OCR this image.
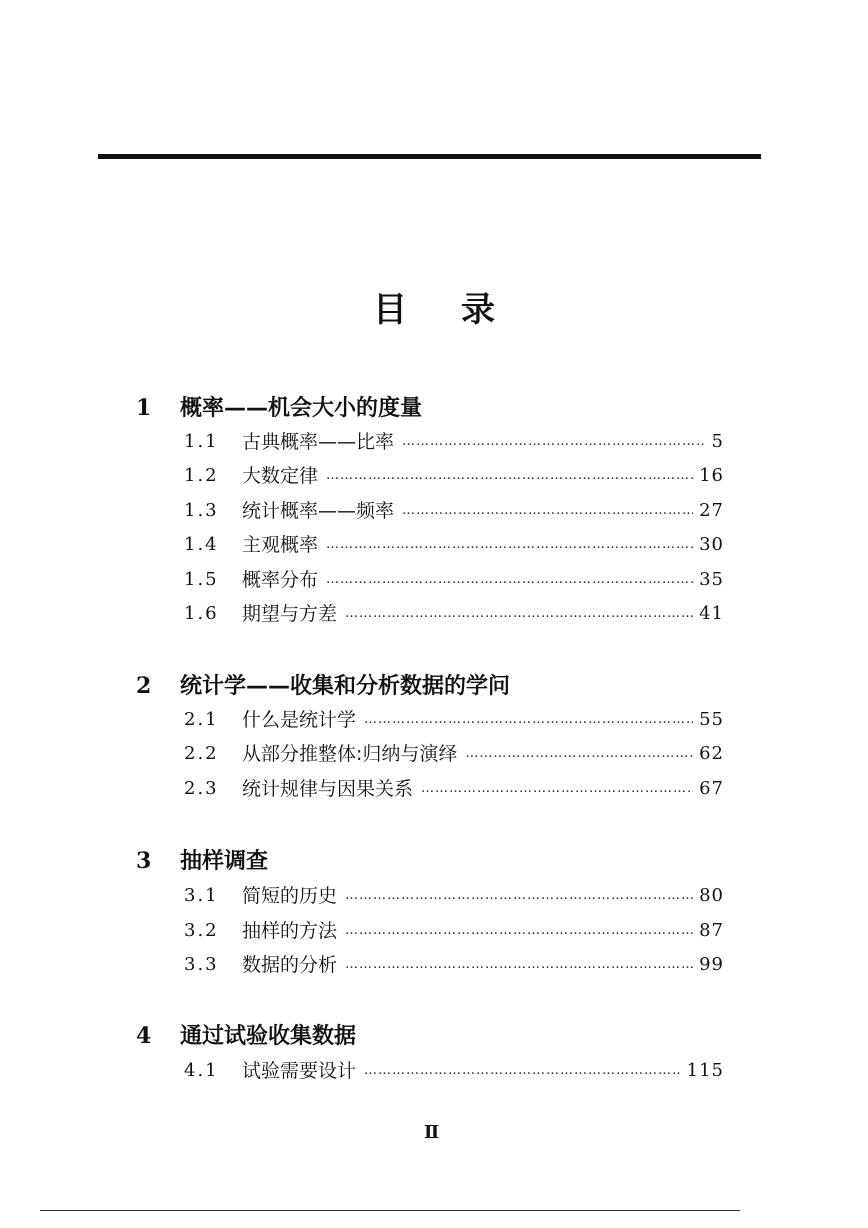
目 录
1 概率——机会大小的度量
1.1	古典概率——比率 …………………………………………………………………………………………………………………………	5
1.2	大数定律 …………………………………………………………………………………………………………………………	16
1.3	统计概率——频率 …………………………………………………………………………………………………………………………	27
1.4	主观概率 …………………………………………………………………………………………………………………………	30
1.5	概率分布 …………………………………………………………………………………………………………………………	35
1.6	期望与方差 …………………………………………………………………………………………………………………………	41
2 统计学——收集和分析数据的学问
2.1	什么是统计学 …………………………………………………………………………………………………………………………	55
2.2	从部分推整体:归纳与演绎 …………………………………………………………………………………………………………………………	62
2.3	统计规律与因果关系 …………………………………………………………………………………………………………………………	67
3 抽样调查
3.1	简短的历史 …………………………………………………………………………………………………………………………	80
3.2	抽样的方法 …………………………………………………………………………………………………………………………	87
3.3	数据的分析 …………………………………………………………………………………………………………………………	99
4 通过试验收集数据
4.1	试验需要设计 …………………………………………………………………………………………………………………………	115
Ⅱ
